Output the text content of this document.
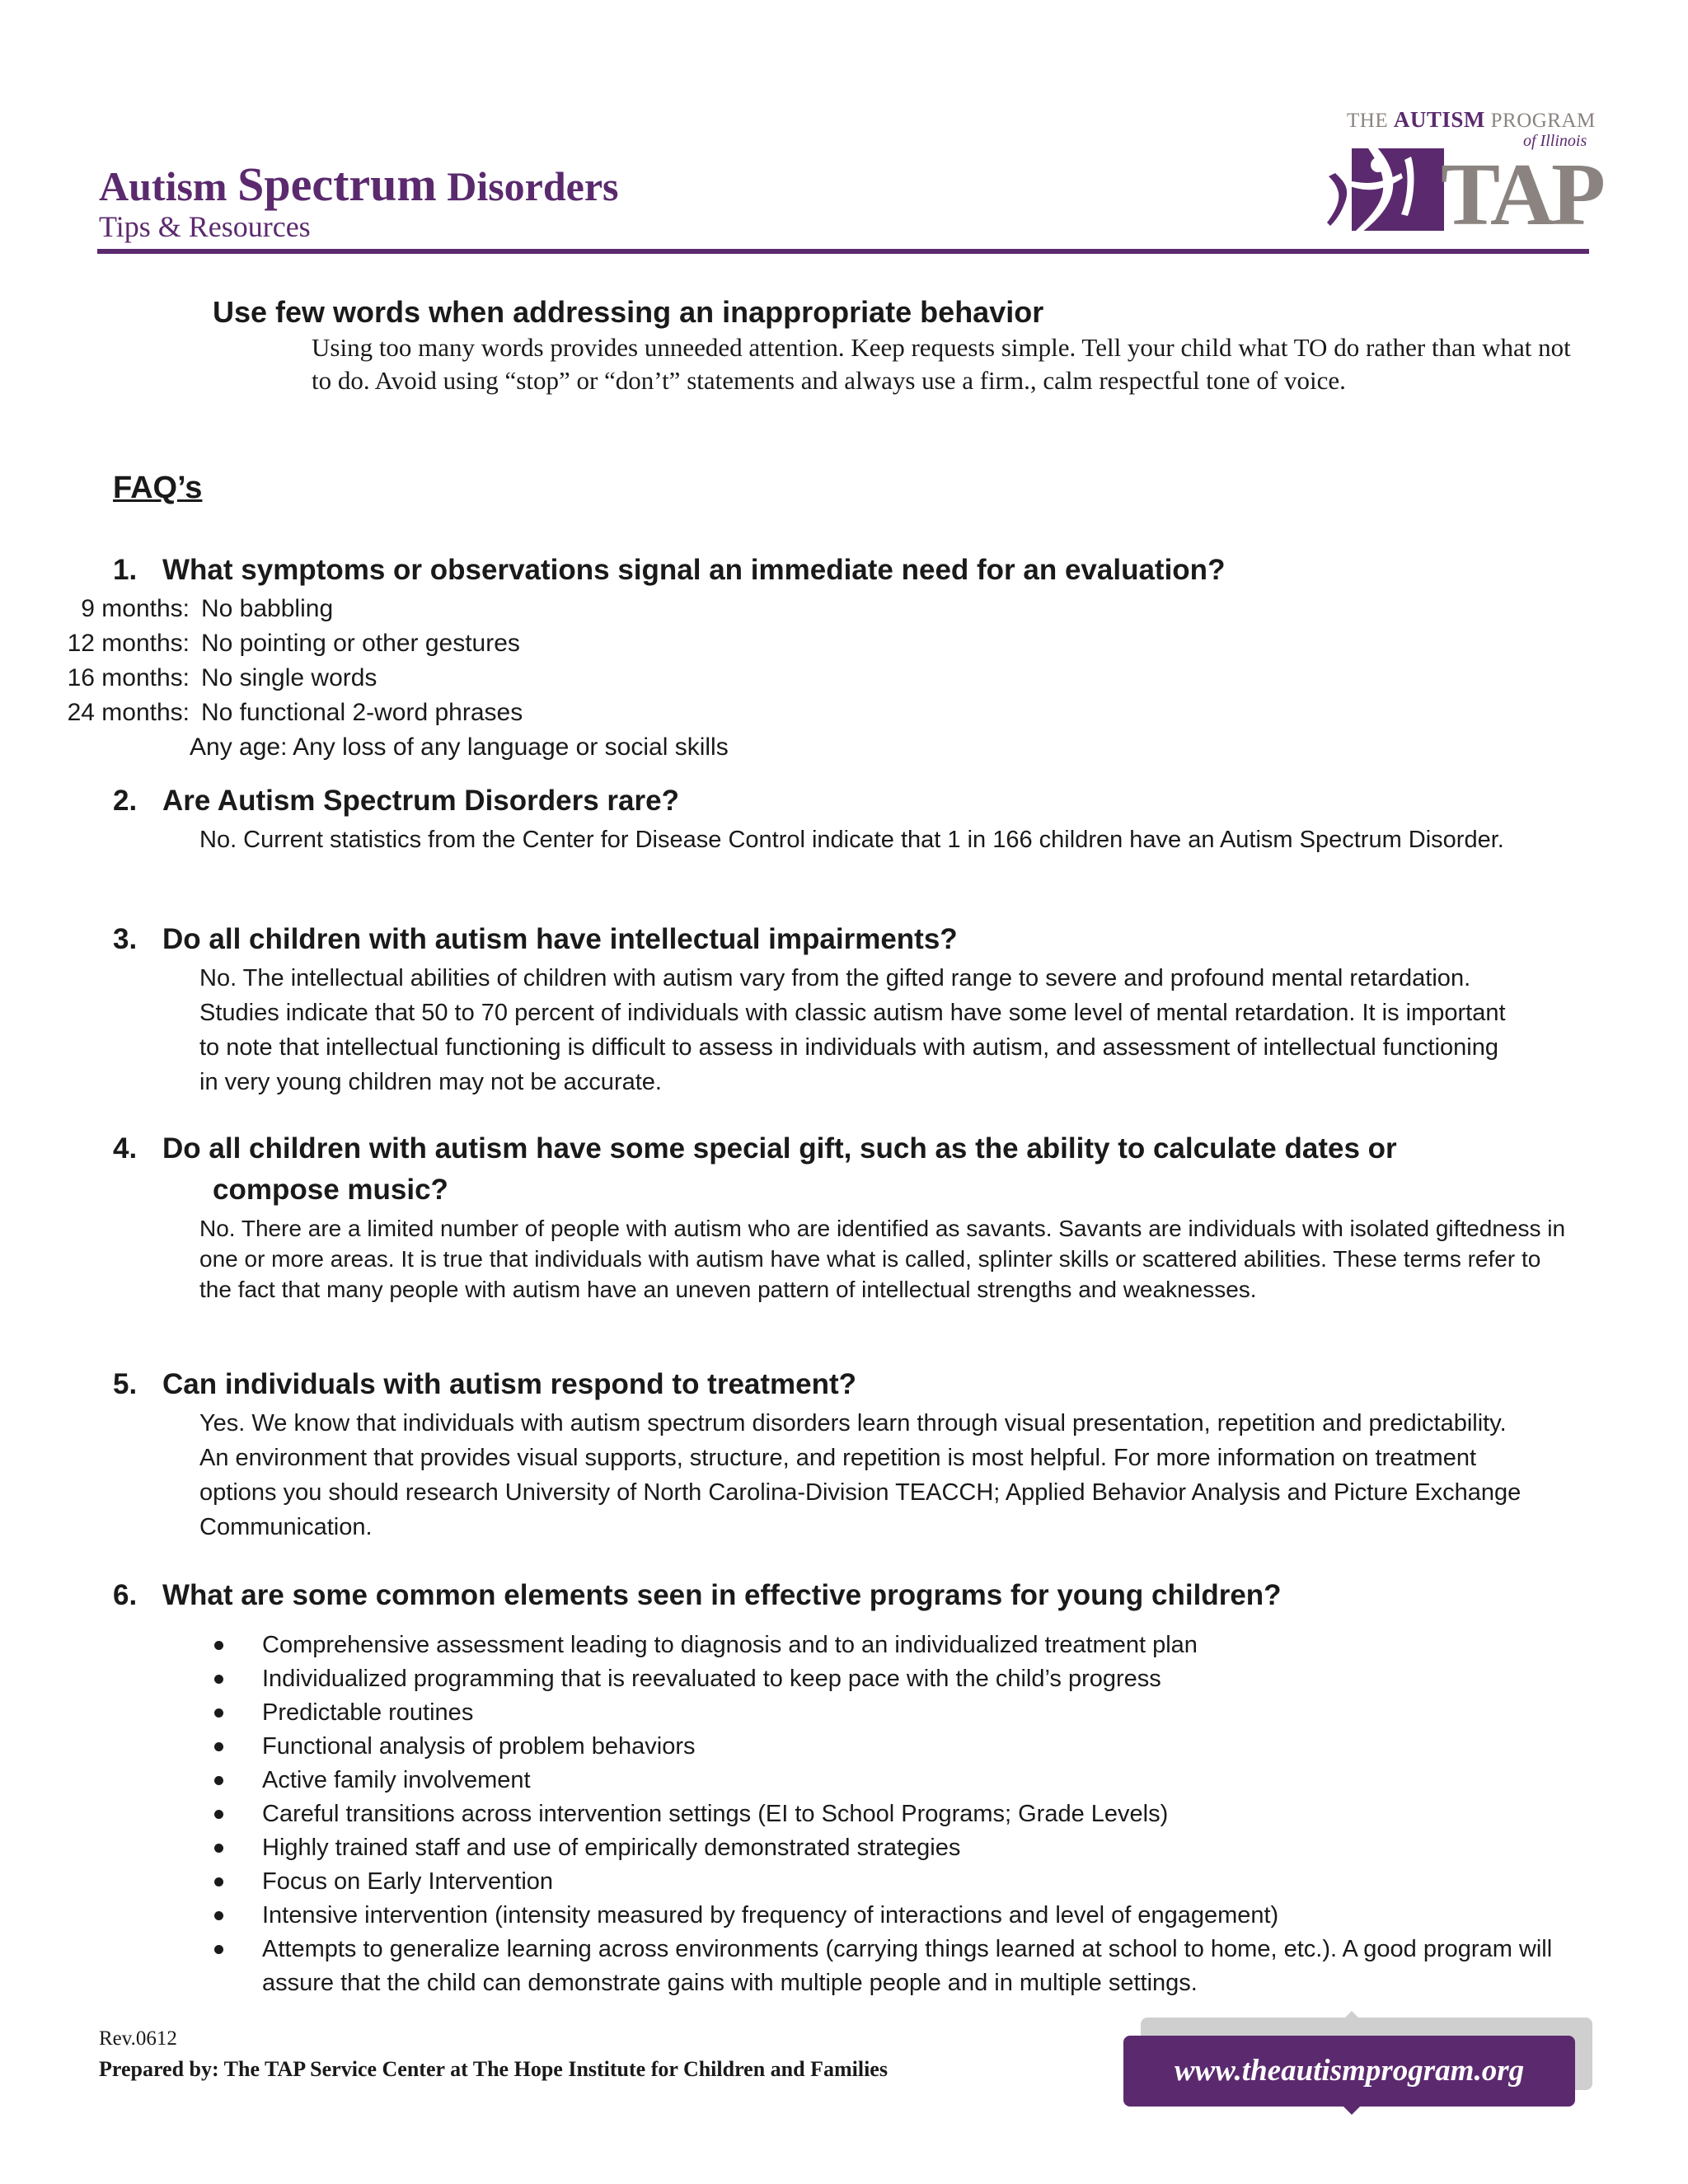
Autism Spectrum Disorders
Tips & Resources
THE AUTISM PROGRAM
of Illinois
TAP
Use few words when addressing an inappropriate behavior
Using too many words provides unneeded attention. Keep requests simple. Tell your child what TO do rather than what not to do. Avoid using “stop” or “don’t” statements and always use a firm., calm respectful tone of voice.
FAQ’s
1. What symptoms or observations signal an immediate need for an evaluation?
9 months: No babbling
12 months: No pointing or other gestures
16 months: No single words
24 months: No functional 2-word phrases
Any age: Any loss of any language or social skills
2. Are Autism Spectrum Disorders rare?
No. Current statistics from the Center for Disease Control indicate that 1 in 166 children have an Autism Spectrum Disorder.
3. Do all children with autism have intellectual impairments?
No. The intellectual abilities of children with autism vary from the gifted range to severe and profound mental retardation. Studies indicate that 50 to 70 percent of individuals with classic autism have some level of mental retardation. It is important to note that intellectual functioning is difficult to assess in individuals with autism, and assessment of intellectual functioning in very young children may not be accurate.
4. Do all children with autism have some special gift, such as the ability to calculate dates or
compose music?
No. There are a limited number of people with autism who are identified as savants. Savants are individuals with isolated giftedness in one or more areas. It is true that individuals with autism have what is called, splinter skills or scattered abilities. These terms refer to the fact that many people with autism have an uneven pattern of intellectual strengths and weaknesses.
5. Can individuals with autism respond to treatment?
Yes. We know that individuals with autism spectrum disorders learn through visual presentation, repetition and predictability. An environment that provides visual supports, structure, and repetition is most helpful. For more information on treatment options you should research University of North Carolina-Division TEACCH; Applied Behavior Analysis and Picture Exchange Communication.
6. What are some common elements seen in effective programs for young children?
Comprehensive assessment leading to diagnosis and to an individualized treatment plan
Individualized programming that is reevaluated to keep pace with the child’s progress
Predictable routines
Functional analysis of problem behaviors
Active family involvement
Careful transitions across intervention settings (EI to School Programs; Grade Levels)
Highly trained staff and use of empirically demonstrated strategies
Focus on Early Intervention
Intensive intervention (intensity measured by frequency of interactions and level of engagement)
Attempts to generalize learning across environments (carrying things learned at school to home, etc.). A good program will assure that the child can demonstrate gains with multiple people and in multiple settings.
Rev.0612
Prepared by: The TAP Service Center at The Hope Institute for Children and Families	www.theautismprogram.org
